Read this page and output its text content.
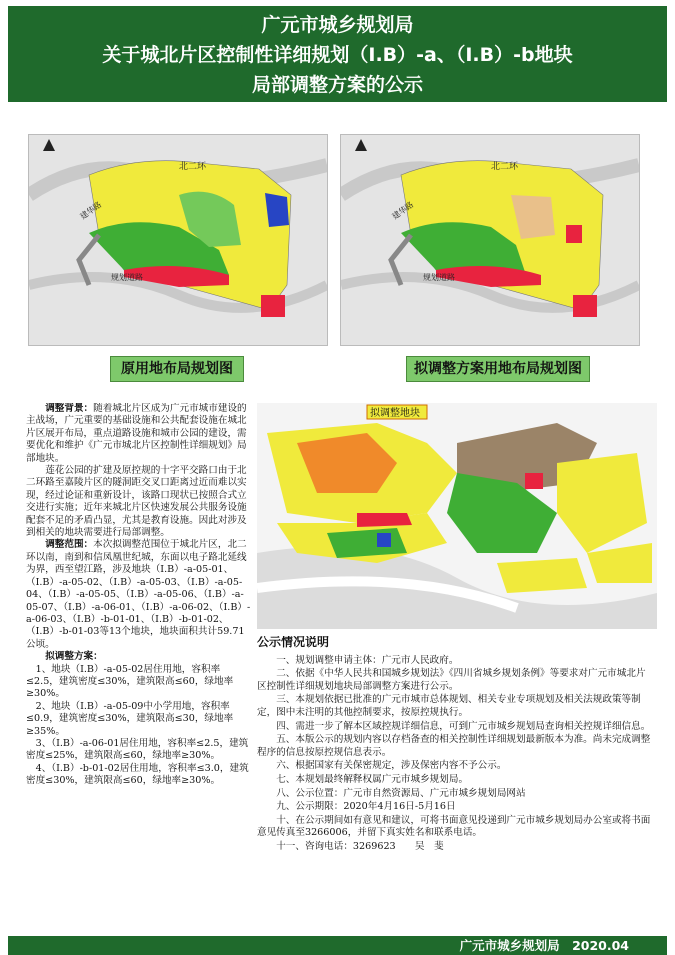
广元市城乡规划局
关于城北片区控制性详细规划（Ⅰ.B）-a、（Ⅰ.B）-b地块
局部调整方案的公示
北二环
建华路
规划道路
原用地布局规划图
北二环
建华路
规划道路
拟调整方案用地布局规划图

调整背景：随着城北片区成为广元市城市建设的主战场，广元重要的基础设施和公共配套设施在城北片区展开布局，重点道路设施和城市公园的建设，需要优化和维护《广元市城北片区控制性详细规划》局部地块。

莲花公园的扩建及原控规的十字平交路口由于北二环路至嘉陵片区的隧洞距交叉口距离过近而难以实现，经过论证和重新设计，该路口现状已按照合式立交进行实施；近年来城北片区快速发展公共服务设施配套不足的矛盾凸显，尤其是教育设施。因此对涉及到相关的地块需要进行局部调整。

调整范围：本次拟调整范围位于城北片区，北二环以南，南到和信凤凰世纪城，东面以电子路北延线为界，西至望江路，涉及地块（Ⅰ.B）-a-05-01、（Ⅰ.B）-a-05-02、（Ⅰ.B）-a-05-03、（Ⅰ.B）-a-05-04、（Ⅰ.B）-a-05-05、（Ⅰ.B）-a-05-06、（Ⅰ.B）-a-05-07、（Ⅰ.B）-a-06-01、（Ⅰ.B）-a-06-02、（Ⅰ.B）-a-06-03、（Ⅰ.B）-b-01-01、（Ⅰ.B）-b-01-02、（Ⅰ.B）-b-01-03等13个地块，地块面积共计59.71公顷。

拟调整方案：

1、地块（Ⅰ.B）-a-05-02居住用地，容积率≤2.5，建筑密度≤30%，建筑限高≤60，绿地率≥30%。

2、地块（Ⅰ.B）-a-05-09中小学用地，容积率≤0.9，建筑密度≤30%，建筑限高≤30，绿地率≥35%。

3、（Ⅰ.B）-a-06-01居住用地，容积率≤2.5，建筑密度≤25%，建筑限高≤60，绿地率≥30%。

4、（Ⅰ.B）-b-01-02居住用地，容积率≤3.0，建筑密度≤30%，建筑限高≤60，绿地率≥30%。

拟调整地块
公示情况说明

一、规划调整申请主体：广元市人民政府。

二、依据《中华人民共和国城乡规划法》《四川省城乡规划条例》等要求对广元市城北片区控制性详细规划地块局部调整方案进行公示。

三、本规划依据已批准的广元市城市总体规划、相关专业专项规划及相关法规政策等制定，图中未注明的其他控制要求，按原控规执行。

四、需进一步了解本区域控规详细信息，可到广元市城乡规划局查询相关控规详细信息。

五、本版公示的规划内容以存档备查的相关控制性详细规划最新版本为准。尚未完成调整程序的信息按原控规信息表示。

六、根据国家有关保密规定，涉及保密内容不予公示。

七、本规划最终解释权属广元市城乡规划局。

八、公示位置：广元市自然资源局、广元市城乡规划局网站

九、公示期限：2020年4月16日-5月16日

十、在公示期间如有意见和建议，可将书面意见投递到广元市城乡规划局办公室或将书面意见传真至3266006，并留下真实姓名和联系电话。

十一、咨询电话：3269623　　吴　斐

广元市城乡规划局　2020.04
